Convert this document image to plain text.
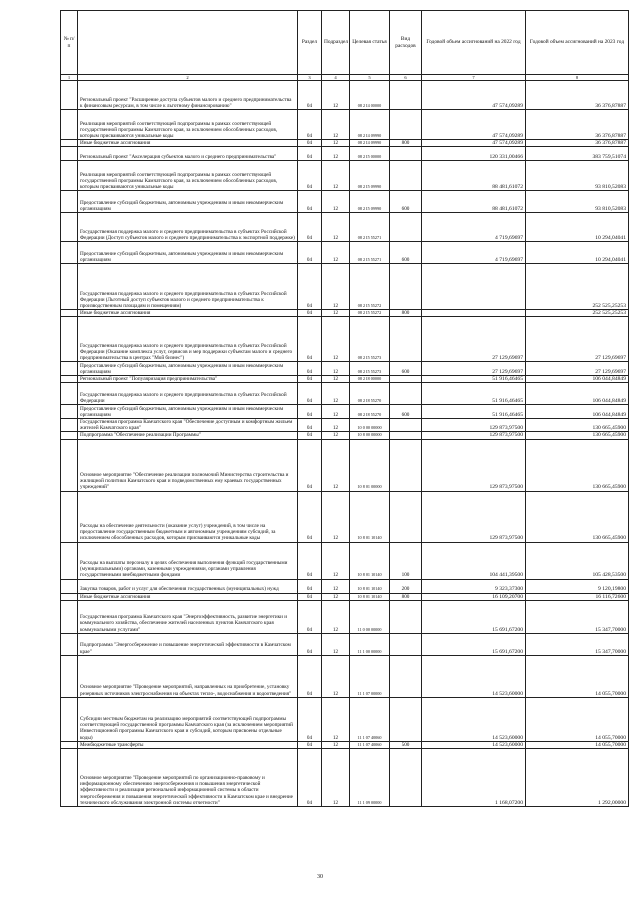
№ п/п		Раздел	Подраздел	Целевая статья	Вид расходов	Годовой объем ассигнований на 2022 год	Годовой объем ассигнований на 2023 год
1	2	3	4	5	6	7	8
	Региональный проект "Расширение доступа субъектов малого и среднего предпринимательства к финансовым ресурсам, в том числе к льготному финансированию"	04	12	08 2 I4 00000		47 574,09289	36 376,87887
	Реализация мероприятий соответствующей подпрограммы в рамках соответствующей государственной программы Камчатского края, за исключением обособленных расходов, которым присваиваются уникальные коды	04	12	08 2 I4 09990		47 574,09289	36 376,87887
	Иные бюджетные ассигнования	04	12	08 2 I4 09990	800	47 574,09289	36 376,87887
	Региональный проект "Акселерация субъектов малого и среднего предпринимательства"	04	12	08 2 I5 00000		120 331,00466	383 759,51074
	Реализация мероприятий соответствующей подпрограммы в рамках соответствующей государственной программы Камчатского края, за исключением обособленных расходов, которым присваиваются уникальные коды	04	12	08 2 I5 09990		88 481,61072	93 810,52083
	Предоставление субсидий бюджетным, автономным учреждениям и иным некоммерческим организациям	04	12	08 2 I5 09990	600	88 481,61072	93 810,52083
	Государственная поддержка малого и среднего предпринимательства в субъектах Российской Федерации (Доступ субъектов малого и среднего предпринимательства к экспортной поддержке)	04	12	08 2 I5 55271		4 719,69697	10 294,04041
	Предоставление субсидий бюджетным, автономным учреждениям и иным некоммерческим организациям	04	12	08 2 I5 55271	600	4 719,69697	10 294,04041
	Государственная поддержка малого и среднего предпринимательства в субъектах Российской Федерации (Льготный доступ субъектов малого и среднего предпринимательства к производственным площадям и помещениям)	04	12	08 2 I5 55272			252 525,25253
	Иные бюджетные ассигнования	04	12	08 2 I5 55272	800		252 525,25253
	Государственная поддержка малого и среднего предпринимательства в субъектах Российской Федерации (Оказание комплекса услуг, сервисов и мер поддержки субъектам малого и среднего предпринимательства в центрах "Мой бизнес")	04	12	08 2 I5 55273		27 129,69697	27 129,69697
	Предоставление субсидий бюджетным, автономным учреждениям и иным некоммерческим организациям	04	12	08 2 I5 55273	600	27 129,69697	27 129,69697
	Региональный проект "Популяризация предпринимательства"	04	12	08 2 I8 00000		51 916,46465	106 044,84849
	Государственная поддержка малого и среднего предпринимательства в субъектах Российской Федерации	04	12	08 2 I8 55270		51 916,46465	106 044,84849
	Предоставление субсидий бюджетным, автономным учреждениям и иным некоммерческим организациям	04	12	08 2 I8 55270	600	51 916,46465	106 044,84849
	Государственная программа Камчатского края "Обеспечение доступным и комфортным жильем жителей Камчатского края"	04	12	10 0 00 00000		129 873,97500	130 665,45900
	Подпрограмма "Обеспечение реализации Программы"	04	12	10 8 00 00000		129 873,97500	130 665,45900
	Основное мероприятие "Обеспечение реализации полномочий Министерства строительства и жилищной политики Камчатского края и подведомственных ему краевых государственных учреждений"	04	12	10 8 01 00000		129 873,97500	130 665,45900
	Расходы на обеспечение деятельности (оказание услуг) учреждений, в том числе на предоставление государственным бюджетным и автономным учреждениям субсидий, за исключением обособленных расходов, которым присваиваются уникальные коды	04	12	10 8 01 10140		129 873,97500	130 665,45900
	Расходы на выплаты персоналу в целях обеспечения выполнения функций государственными (муниципальными) органами, казенными учреждениями, органами управления государственными внебюджетными фондами	04	12	10 8 01 10140	100	104 441,39500	105 428,53500
	Закупка товаров, работ и услуг для обеспечения государственных (муниципальных) нужд	04	12	10 8 01 10140	200	9 323,37300	9 120,19800
	Иные бюджетные ассигнования	04	12	10 8 01 10140	800	16 109,20700	16 116,72600
	Государственная программа Камчатского края "Энергоэффективность, развитие энергетики и коммунального хозяйства, обеспечение жителей населенных пунктов Камчатского края коммунальными услугами"	04	12	11 0 00 00000		15 691,67200	15 347,70000
	Подпрограмма "Энергосбережение и повышение энергетической эффективности в Камчатском крае"	04	12	11 1 00 00000		15 691,67200	15 347,70000
	Основное мероприятие "Проведение мероприятий, направленных на приобретение, установку резервных источников электроснабжения на объектах тепло-, водоснабжения и водоотведения"	04	12	11 1 07 00000		14 523,60000	14 055,70000
	Субсидии местным бюджетам на реализацию мероприятий соответствующей подпрограммы соответствующей государственной программы Камчатского края (за исключением мероприятий Инвестиционной программы Камчатского края и субсидий, которым присвоены отдельные коды)	04	12	11 1 07 40060		14 523,60000	14 055,70000
	Межбюджетные трансферты	04	12	11 1 07 40060	500	14 523,60000	14 055,70000
	Основное мероприятие "Проведение мероприятий по организационно-правовому и информационному обеспечению энергосбережения и повышения энергетической эффективности и реализация региональной информационной системы в области энергосбережения и повышения энергетической эффективности в Камчатском крае и внедрение технического обслуживания электронной системы отчетности"	04	12	11 1 09 00000		1 168,07200	1 292,00000
30
